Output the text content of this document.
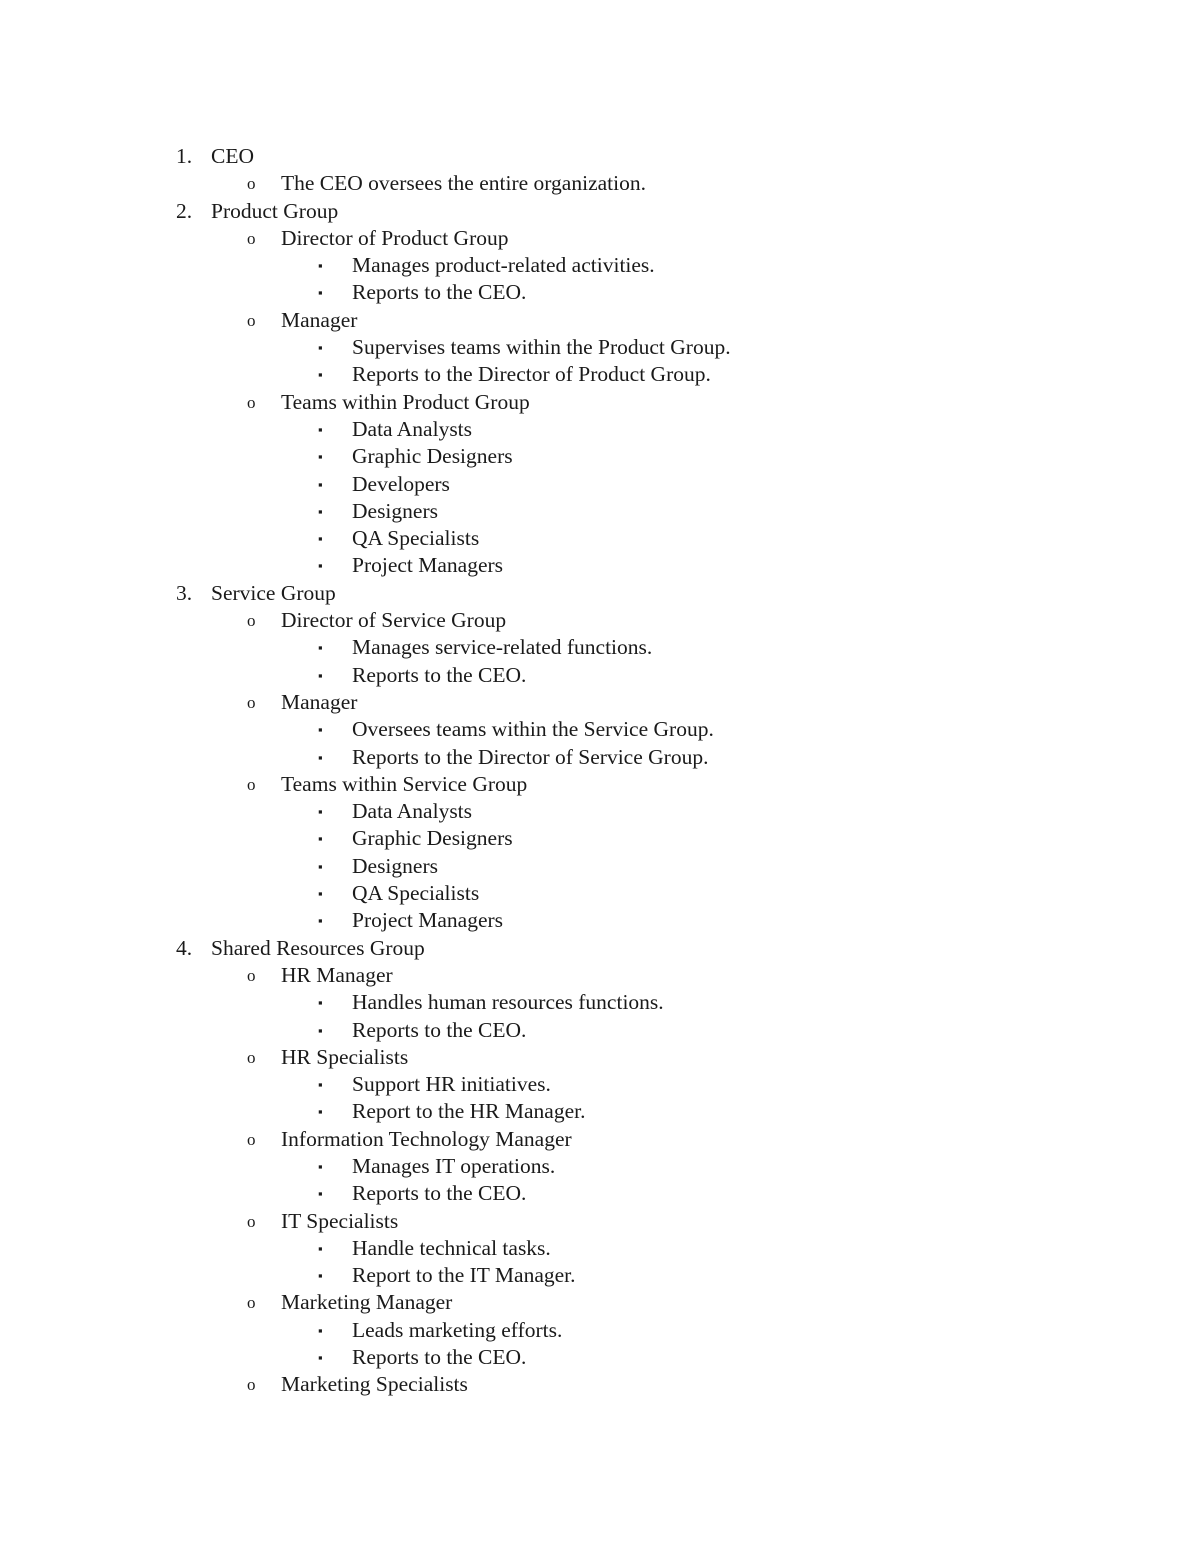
1. CEO
o The CEO oversees the entire organization.
2. Product Group
o Director of Product Group
▪ Manages product-related activities.
▪ Reports to the CEO.
o Manager
▪ Supervises teams within the Product Group.
▪ Reports to the Director of Product Group.
o Teams within Product Group
▪ Data Analysts
▪ Graphic Designers
▪ Developers
▪ Designers
▪ QA Specialists
▪ Project Managers
3. Service Group
o Director of Service Group
▪ Manages service-related functions.
▪ Reports to the CEO.
o Manager
▪ Oversees teams within the Service Group.
▪ Reports to the Director of Service Group.
o Teams within Service Group
▪ Data Analysts
▪ Graphic Designers
▪ Designers
▪ QA Specialists
▪ Project Managers
4. Shared Resources Group
o HR Manager
▪ Handles human resources functions.
▪ Reports to the CEO.
o HR Specialists
▪ Support HR initiatives.
▪ Report to the HR Manager.
o Information Technology Manager
▪ Manages IT operations.
▪ Reports to the CEO.
o IT Specialists
▪ Handle technical tasks.
▪ Report to the IT Manager.
o Marketing Manager
▪ Leads marketing efforts.
▪ Reports to the CEO.
o Marketing Specialists
